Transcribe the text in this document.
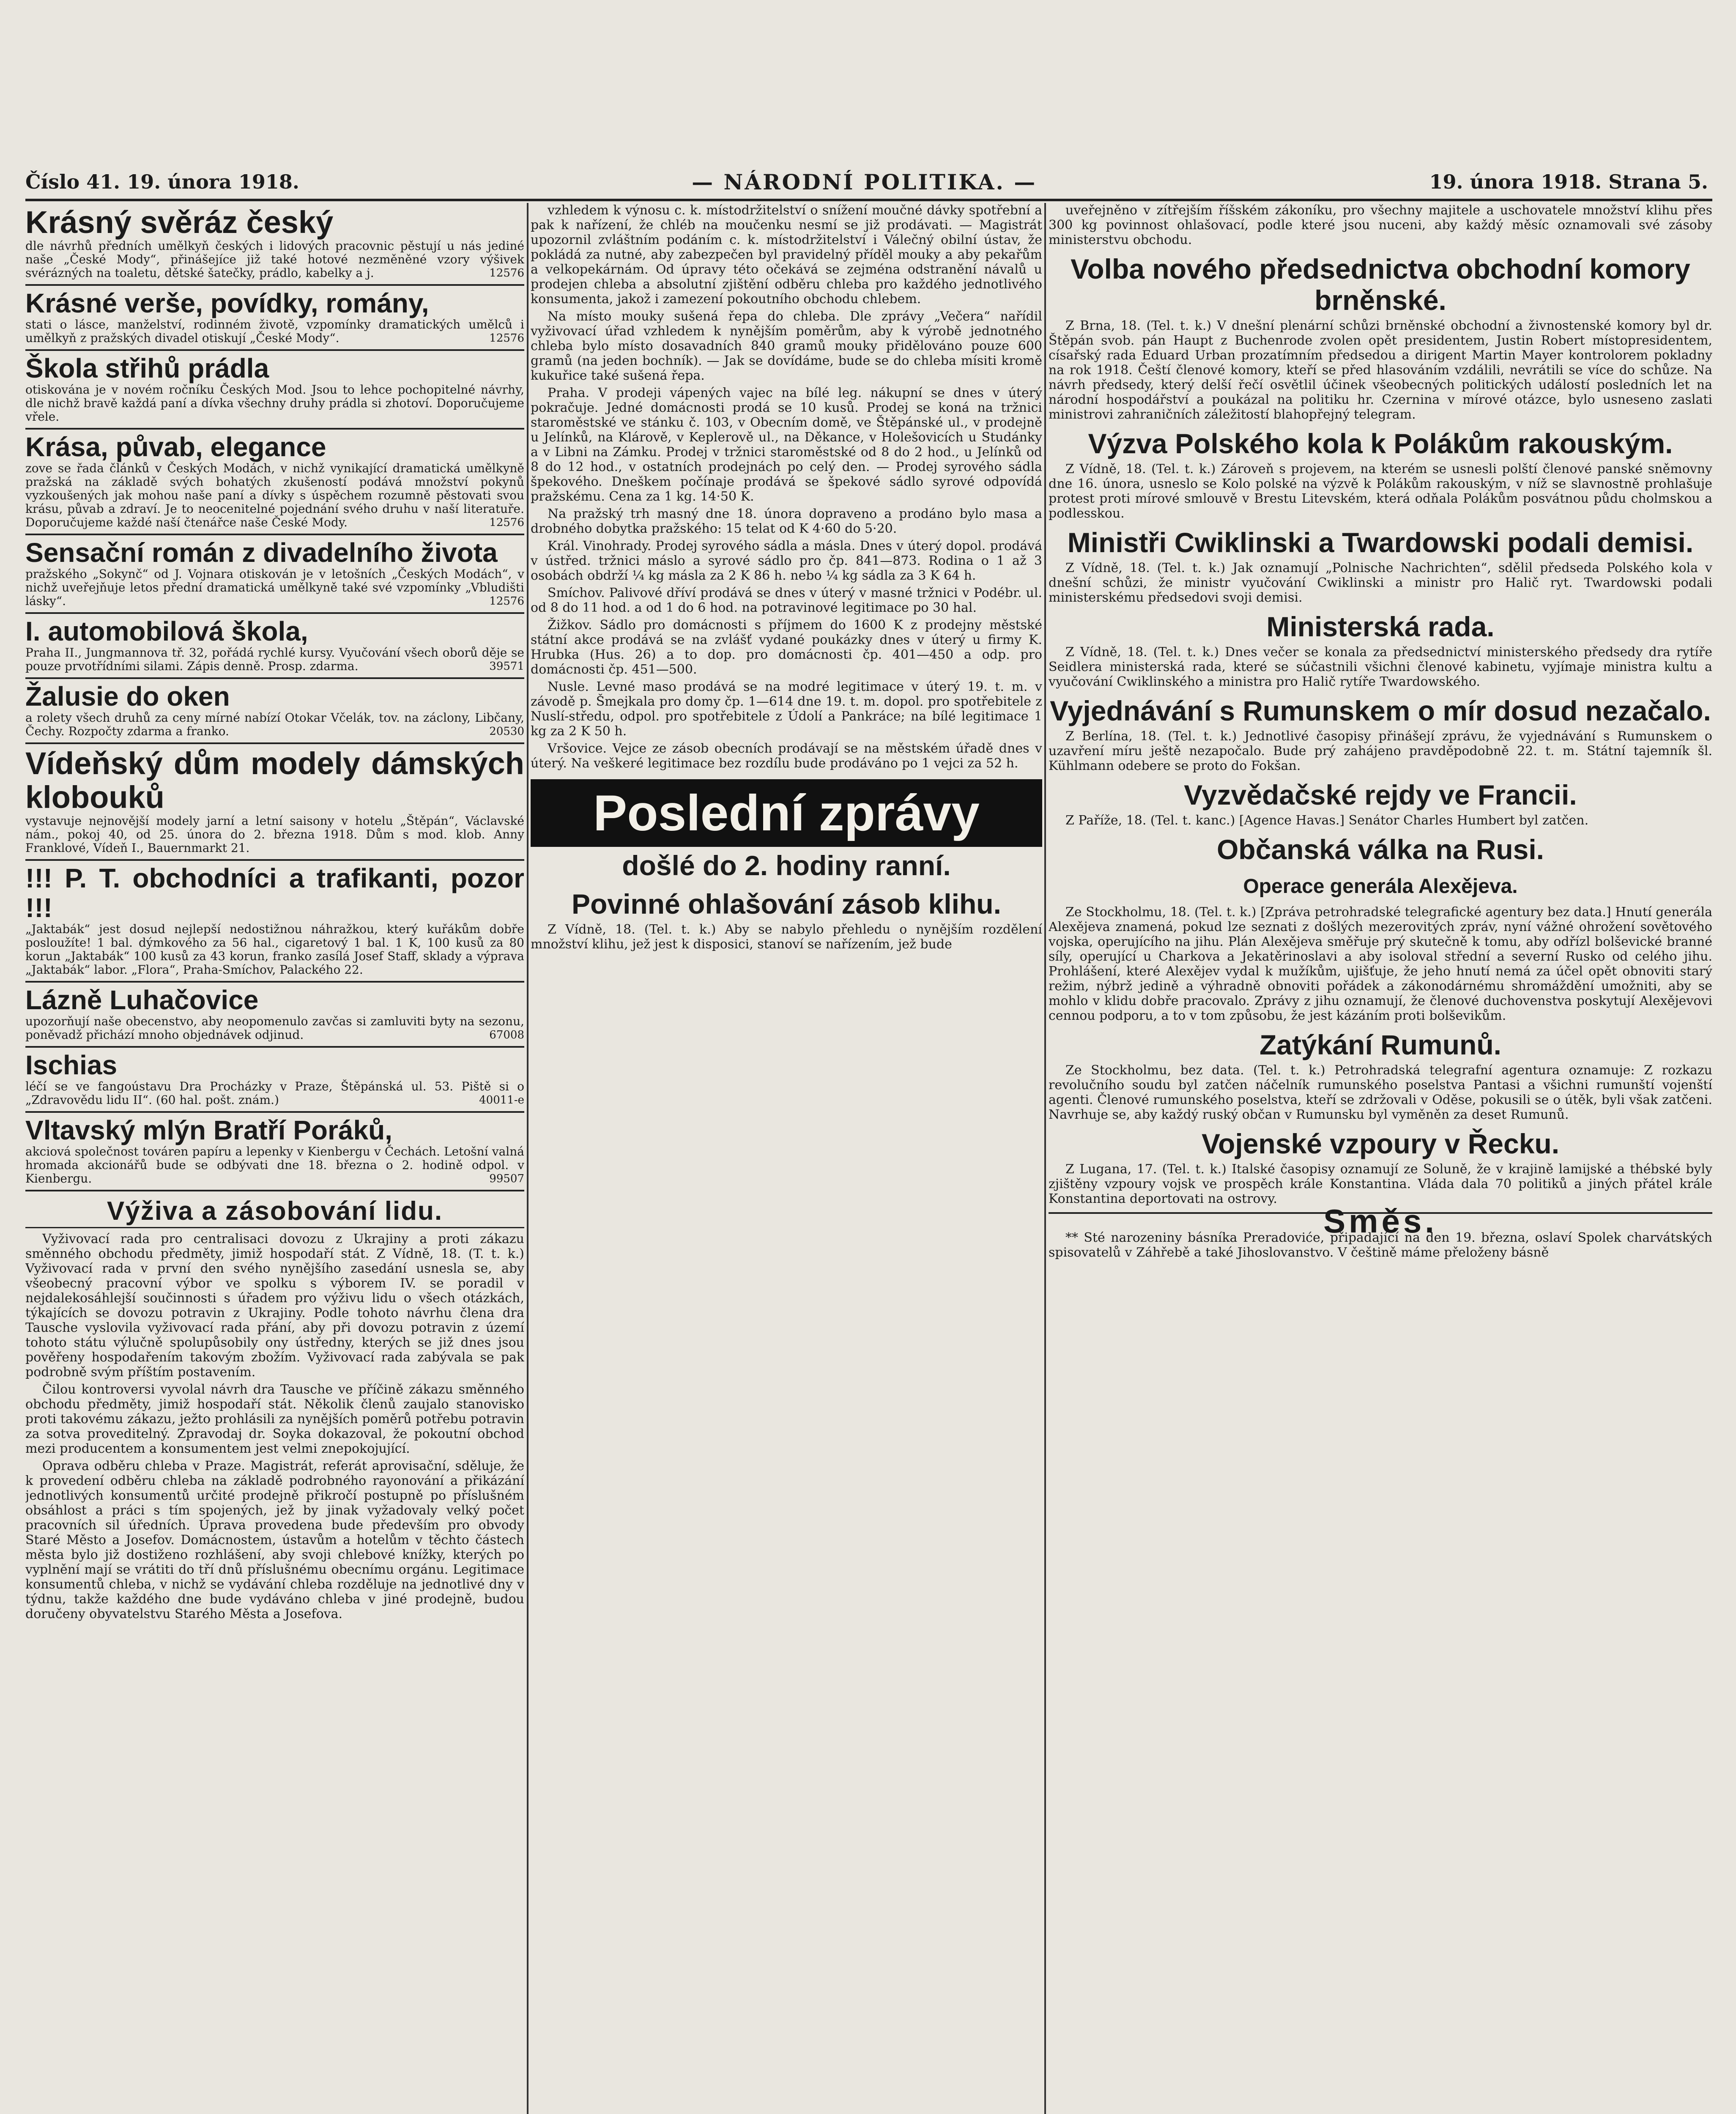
Číslo 41. 19. února 1918.	— NÁRODNÍ POLITIKA. —	19. února 1918. Strana 5.
Krásný svěráz český
dle návrhů předních umělkyň českých i lidových pracovnic pěstují u nás jediné naše „České Mody“, přinášejíce již také hotové nezměněné vzory výšivek svérázných na toaletu, dětské šatečky, prádlo, kabelky a j.	12576
Krásné verše, povídky, romány,
stati o lásce, manželství, rodinném životě, vzpomínky dramatických umělců i umělkyň z pražských divadel otiskují „České Mody“.	12576
Škola střihů prádla
otiskována je v novém ročníku Českých Mod. Jsou to lehce pochopitelné návrhy, dle nichž bravě každá paní a dívka všechny druhy prádla si zhotoví. Doporučujeme vřele.
Krása, půvab, elegance
zove se řada článků v Českých Modách, v nichž vynikající dramatická umělkyně pražská na základě svých bohatých zkušeností podává množství pokynů vyzkoušených jak mohou naše paní a dívky s úspěchem rozumně pěstovati svou krásu, půvab a zdraví. Je to neocenitelné pojednání svého druhu v naší literatuře. Doporučujeme každé naší čtenářce naše České Mody.	12576
Sensační román z divadelního života
pražského „Sokynč“ od J. Vojnara otiskován je v letošních „Českých Modách“, v nichž uveřejňuje letos přední dramatická umělkyně také své vzpomínky „Vbludišti lásky“.	12576
I. automobilová škola,
Praha II., Jungmannova tř. 32, pořádá rychlé kursy. Vyučování všech oborů děje se pouze prvotřídními silami. Zápis denně. Prosp. zdarma.	39571
Žalusie do oken
a rolety všech druhů za ceny mírné nabízí Otokar Včelák, tov. na záclony, Libčany, Čechy. Rozpočty zdarma a franko.	20530
Vídeňský dům modely dámských klobouků
vystavuje nejnovější modely jarní a letní saisony v hotelu „Štěpán“, Václavské nám., pokoj 40, od 25. února do 2. března 1918. Dům s mod. klob. Anny Franklové, Vídeň I., Bauernmarkt 21.
!!! P. T. obchodníci a trafikanti, pozor !!!
„Jaktabák“ jest dosud nejlepší nedostižnou náhražkou, který kuřákům dobře posloužíte! 1 bal. dýmkového za 56 hal., cigaretový 1 bal. 1 K, 100 kusů za 80 korun „Jaktabák“ 100 kusů za 43 korun, franko zasílá Josef Staff, sklady a výprava „Jaktabák“ labor. „Flora“, Praha-Smíchov, Palackého 22.
Lázně Luhačovice
upozorňují naše obecenstvo, aby neopomenulo zavčas si zamluviti byty na sezonu, poněvadž přichází mnoho objednávek odjinud.	67008
Ischias
léčí se ve fangoústavu Dra Procházky v Praze, Štěpánská ul. 53. Piště si o „Zdravovědu lidu II“. (60 hal. pošt. znám.)	40011-e
Vltavský mlýn Bratří Poráků,
akciová společnost továren papíru a lepenky v Kienbergu v Čechách. Letošní valná hromada akcionářů bude se odbývati dne 18. března o 2. hodině odpol. v Kienbergu.	99507
Výživa a zásobování lidu.

Vyživovací rada pro centralisaci dovozu z Ukrajiny a proti zákazu směnného obchodu předměty, jimiž hospodaří stát. Z Vídně, 18. (T. t. k.) Vyživovací rada v první den svého nynějšího zasedání usnesla se, aby všeobecný pracovní výbor ve spolku s výborem IV. se poradil v nejdalekosáhlejší součinnosti s úřadem pro výživu lidu o všech otázkách, týkajících se dovozu potravin z Ukrajiny. Podle tohoto návrhu člena dra Tausche vyslovila vyživovací rada přání, aby při dovozu potravin z území tohoto státu výlučně spolupůsobily ony ústředny, kterých se již dnes jsou pověřeny hospodařením takovým zbožím. Vyživovací rada zabývala se pak podrobně svým příštím postavením.

Čilou kontroversi vyvolal návrh dra Tausche ve příčině zákazu směnného obchodu předměty, jimiž hospodaří stát. Několik členů zaujalo stanovisko proti takovému zákazu, ježto prohlásili za nynějších poměrů potřebu potravin za sotva proveditelný. Zpravodaj dr. Soyka dokazoval, že pokoutní obchod mezi producentem a konsumentem jest velmi znepokojující.

Oprava odběru chleba v Praze. Magistrát, referát aprovisační, sděluje, že k provedení odběru chleba na základě podrobného rayonování a přikázání jednotlivých konsumentů určité prodejně přikročí postupně po příslušném obsáhlost a práci s tím spojených, jež by jinak vyžadovaly velký počet pracovních sil úředních. Úprava provedena bude především pro obvody Staré Město a Josefov. Domácnostem, ústavům a hotelům v těchto částech města bylo již dostiženo rozhlášení, aby svoji chlebové knížky, kterých po vyplnění mají se vrátiti do tří dnů příslušnému obecnímu orgánu. Legitimace konsumentů chleba, v nichž se vydávání chleba rozděluje na jednotlivé dny v týdnu, takže každého dne bude vydáváno chleba v jiné prodejně, budou doručeny obyvatelstvu Starého Města a Josefova.

vzhledem k výnosu c. k. místodržitelství o snížení moučné dávky spotřební a pak k nařízení, že chléb na moučenku nesmí se již prodávati. — Magistrát upozornil zvláštním podáním c. k. místodržitelství i Válečný obilní ústav, že pokládá za nutné, aby zabezpečen byl pravidelný příděl mouky a aby pekařům a velkopekárnám. Od úpravy této očekává se zejména odstranění návalů u prodejen chleba a absolutní zjištění odběru chleba pro každého jednotlivého konsumenta, jakož i zamezení pokoutního obchodu chlebem.

Na místo mouky sušená řepa do chleba. Dle zprávy „Večera“ nařídil vyživovací úřad vzhledem k nynějším poměrům, aby k výrobě jednotného chleba bylo místo dosavadních 840 gramů mouky přidělováno pouze 600 gramů (na jeden bochník). — Jak se dovídáme, bude se do chleba mísiti kromě kukuřice také sušená řepa.

Praha. V prodeji vápených vajec na bílé leg. nákupní se dnes v úterý pokračuje. Jedné domácnosti prodá se 10 kusů. Prodej se koná na tržnici staroměstské ve stánku č. 103, v Obecním domě, ve Štěpánské ul., v prodejně u Jelínků, na Klárově, v Keplerově ul., na Děkance, v Holešovicích u Studánky a v Libni na Zámku. Prodej v tržnici staroměstské od 8 do 2 hod., u Jelínků od 8 do 12 hod., v ostatních prodejnách po celý den. — Prodej syrového sádla špekového. Dneškem počínaje prodává se špekové sádlo syrové odpovídá pražskému. Cena za 1 kg. 14·50 K.

Na pražský trh masný dne 18. února dopraveno a prodáno bylo masa a drobného dobytka pražského: 15 telat od K 4·60 do 5·20.

Král. Vinohrady. Prodej syrového sádla a másla. Dnes v úterý dopol. prodává v ústřed. tržnici máslo a syrové sádlo pro čp. 841—873. Rodina o 1 až 3 osobách obdrží ¼ kg másla za 2 K 86 h. nebo ¼ kg sádla za 3 K 64 h.

Smíchov. Palivové dříví prodává se dnes v úterý v masné tržnici v Podébr. ul. od 8 do 11 hod. a od 1 do 6 hod. na potravinové legitimace po 30 hal.

Žižkov. Sádlo pro domácnosti s příjmem do 1600 K z prodejny městské státní akce prodává se na zvlášť vydané poukázky dnes v úterý u firmy K. Hrubka (Hus. 26) a to dop. pro domácnosti čp. 401—450 a odp. pro domácnosti čp. 451—500.

Nusle. Levné maso prodává se na modré legitimace v úterý 19. t. m. v závodě p. Šmejkala pro domy čp. 1—614 dne 19. t. m. dopol. pro spotřebitele z Nuslí-středu, odpol. pro spotřebitele z Údolí a Pankráce; na bílé legitimace 1 kg za 2 K 50 h.

Vršovice. Vejce ze zásob obecních prodávají se na městském úřadě dnes v úterý. Na veškeré legitimace bez rozdílu bude prodáváno po 1 vejci za 52 h.

Poslední zprávy
došlé do 2. hodiny ranní.
Povinné ohlašování zásob klihu.

Z Vídně, 18. (Tel. t. k.) Aby se nabylo přehledu o nynějším rozdělení množství klihu, jež jest k disposici, stanoví se nařízením, jež bude

uveřejněno v zítřejším říšském zákoníku, pro všechny majitele a uschovatele množství klihu přes 300 kg povinnost ohlašovací, podle které jsou nuceni, aby každý měsíc oznamovali své zásoby ministerstvu obchodu.

Volba nového předsednictva obchodní komory brněnské.

Z Brna, 18. (Tel. t. k.) V dnešní plenární schůzi brněnské obchodní a živnostenské komory byl dr. Štěpán svob. pán Haupt z Buchenrode zvolen opět presidentem, Justin Robert místopresidentem, císařský rada Eduard Urban prozatímním předsedou a dirigent Martin Mayer kontrolorem pokladny na rok 1918. Čeští členové komory, kteří se před hlasováním vzdálili, nevrátili se více do schůze. Na návrh předsedy, který delší řečí osvětlil účinek všeobecných politických událostí posledních let na národní hospodářství a poukázal na politiku hr. Czernina v mírové otázce, bylo usneseno zaslati ministrovi zahraničních záležitostí blahopřejný telegram.

Výzva Polského kola k Polákům rakouským.

Z Vídně, 18. (Tel. t. k.) Zároveň s projevem, na kterém se usnesli polští členové panské sněmovny dne 16. února, usneslo se Kolo polské na výzvě k Polákům rakouským, v níž se slavnostně prohlašuje protest proti mírové smlouvě v Brestu Litevském, která odňala Polákům posvátnou půdu cholmskou a podlesskou.

Ministři Cwiklinski a Twardowski podali demisi.

Z Vídně, 18. (Tel. t. k.) Jak oznamují „Polnische Nachrichten“, sdělil předseda Polského kola v dnešní schůzi, že ministr vyučování Cwiklinski a ministr pro Halič ryt. Twardowski podali ministerskému předsedovi svoji demisi.

Ministerská rada.

Z Vídně, 18. (Tel. t. k.) Dnes večer se konala za předsednictví ministerského předsedy dra rytíře Seidlera ministerská rada, které se súčastnili všichni členové kabinetu, vyjímaje ministra kultu a vyučování Cwiklinského a ministra pro Halič rytíře Twardowského.

Vyjednávání s Rumunskem o mír dosud nezačalo.

Z Berlína, 18. (Tel. t. k.) Jednotlivé časopisy přinášejí zprávu, že vyjednávání s Rumunskem o uzavření míru ještě nezapočalo. Bude prý zahájeno pravděpodobně 22. t. m. Státní tajemník šl. Kühlmann odebere se proto do Fokšan.

Vyzvědačské rejdy ve Francii.

Z Paříže, 18. (Tel. t. kanc.) [Agence Havas.] Senátor Charles Humbert byl zatčen.

Občanská válka na Rusi.
Operace generála Alexějeva.

Ze Stockholmu, 18. (Tel. t. k.) [Zpráva petrohradské telegrafické agentury bez data.] Hnutí generála Alexějeva znamená, pokud lze seznati z došlých mezerovitých zpráv, nyní vážné ohrožení sovětového vojska, operujícího na jihu. Plán Alexějeva směřuje prý skutečně k tomu, aby odřízl bolševické branné síly, operující u Charkova a Jekatěrinoslavi a aby isoloval střední a severní Rusko od celého jihu. Prohlášení, které Alexějev vydal k mužíkům, ujišťuje, že jeho hnutí nemá za účel opět obnoviti starý režim, nýbrž jedině a výhradně obnoviti pořádek a zákonodárnému shromáždění umožniti, aby se mohlo v klidu dobře pracovalo. Zprávy z jihu oznamují, že členové duchovenstva poskytují Alexějevovi cennou podporu, a to v tom způsobu, že jest kázáním proti bolševikům.

Zatýkání Rumunů.

Ze Stockholmu, bez data. (Tel. t. k.) Petrohradská telegrafní agentura oznamuje: Z rozkazu revolučního soudu byl zatčen náčelník rumunského poselstva Pantasi a všichni rumunští vojenští agenti. Členové rumunského poselstva, kteří se zdržovali v Oděse, pokusili se o útěk, byli však zatčeni. Navrhuje se, aby každý ruský občan v Rumunsku byl vyměněn za deset Rumunů.

Vojenské vzpoury v Řecku.

Z Lugana, 17. (Tel. t. k.) Italské časopisy oznamují ze Soluně, že v krajině lamijské a thébské byly zjištěny vzpoury vojsk ve prospěch krále Konstantina. Vláda dala 70 politiků a jiných přátel krále Konstantina deportovati na ostrovy.

Směs.

** Sté narozeniny básníka Preradoviće, připadající na den 19. března, oslaví Spolek charvátských spisovatelů v Záhřebě a také Jihoslovanstvo. V češtině máme přeloženy básně
